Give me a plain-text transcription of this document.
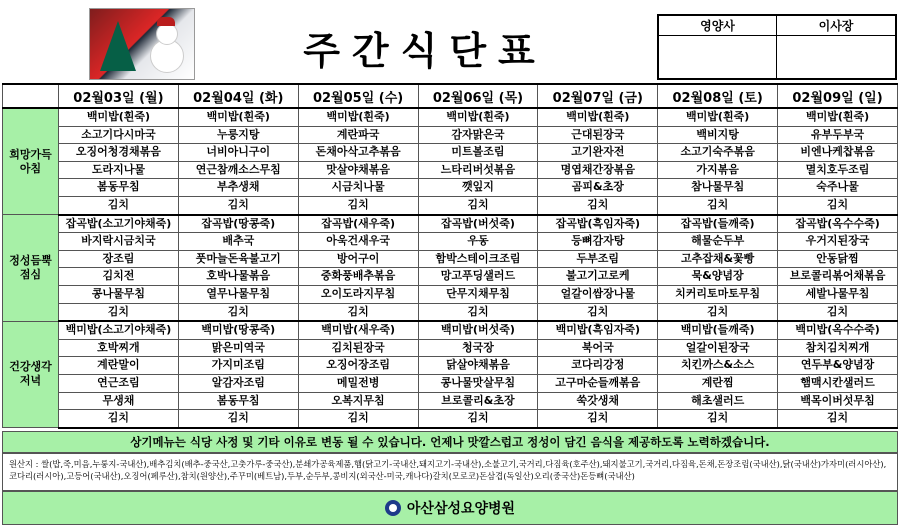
주간식단표
영양사	이사장
	02월03일 (월)	02월04일 (화)	02월05일 (수)	02월06일 (목)	02월07일 (금)	02월08일 (토)	02월09일 (일)
희망가득
아침	백미밥(흰죽)	백미밥(흰죽)	백미밥(흰죽)	백미밥(흰죽)	백미밥(흰죽)	백미밥(흰죽)	백미밥(흰죽)
	소고기다시마국	누룽지탕	계란파국	감자맑은국	근대된장국	백비지탕	유부두부국
	오징어청경채볶음	너비아니구이	돈채아삭고추볶음	미트볼조림	고기완자전	소고기숙주볶음	비엔나케찹볶음
	도라지나물	연근참깨소스무침	맛살야채볶음	느타리버섯볶음	명엽채간장볶음	가지볶음	멸치호두조림
	봄동무침	부추생채	시금치나물	깻잎지	곰피&초장	참나물무침	숙주나물
	김치	김치	김치	김치	김치	김치	김치
정성듬뿍
점심	잡곡밥(소고기야채죽)	잡곡밥(땅콩죽)	잡곡밥(새우죽)	잡곡밥(버섯죽)	잡곡밥(흑임자죽)	잡곡밥(들깨죽)	잡곡밥(옥수수죽)
	바지락시금치국	배추국	아욱건새우국	우동	등뼈감자탕	해물순두부	우거지된장국
	장조림	풋마늘돈육불고기	방어구이	함박스테이크조림	두부조림	고추잡채&꽃빵	안동닭찜
	김치전	호박나물볶음	중화풍배추볶음	망고푸딩샐러드	불고기고로케	묵&양념장	브로콜리볶어채볶음
	콩나물무침	열무나물무침	오이도라지무침	단무지채무침	얼갈이쌈장나물	치커리토마토무침	세발나물무침
	김치	김치	김치	김치	김치	김치	김치
건강생각
저녁	백미밥(소고기야채죽)	백미밥(땅콩죽)	백미밥(새우죽)	백미밥(버섯죽)	백미밥(흑임자죽)	백미밥(들깨죽)	백미밥(옥수수죽)
	호박찌개	맑은미역국	김치된장국	청국장	북어국	얼갈이된장국	참치김치찌개
	계란말이	가지미조림	오징어장조림	닭살야채볶음	코다리강정	치킨까스&소스	연두부&양념장
	연근조림	알감자조림	메밀전병	콩나물맛살무침	고구마순들깨볶음	계란찜	햄맥시칸샐러드
	무생채	봄동무침	오복지무침	브로콜리&초장	쑥갓생채	해초샐러드	백목이버섯무침
	김치	김치	김치	김치	김치	김치	김치
상기메뉴는 식당 사정 및 기타 이유로 변동 될 수 있습니다. 언제나 맛깔스럽고 정성이 담긴 음식을 제공하도록 노력하겠습니다.
원산지 : 쌀(밥,죽,미음,누룽지-국내산),배추김치(배추-중국산,고춧가루-중국산),분쇄가공육제품,햄(닭고기-국내산,돼지고기-국내산),소불고기,국거리,다짐육(호주산),돼지불고기,국거리,다짐육,돈채,돈장조림(국내산),닭(국내산)가자미(러시아산),코다리(러시아),고등어(국내산),오징어(페루산),참치(원양산),주꾸미(베트남),두부,순두부,콩비지(외국산-미국,캐나다)갈치(모로코)돈삼겹(독일산)오리(중국산)돈등뼈(국내산)
아산삼성요양병원
